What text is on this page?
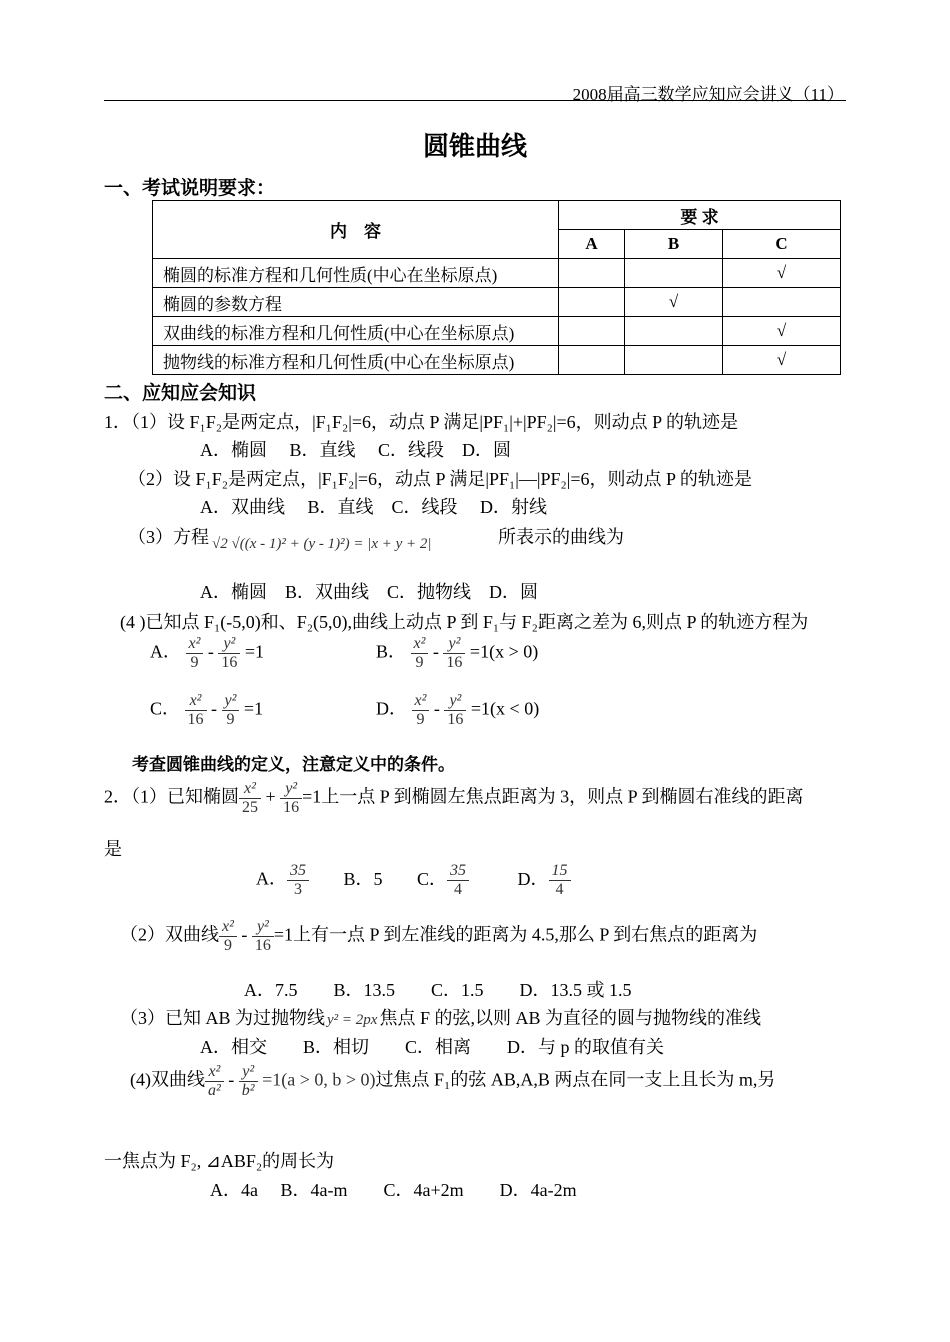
2008届高三数学应知应会讲义（11）
圆锥曲线
一、考试说明要求：
内　容	要 求		
	A	B	C
椭圆的标准方程和几何性质(中心在坐标原点)			√
椭圆的参数方程		√	
双曲线的标准方程和几何性质(中心在坐标原点)			√
抛物线的标准方程和几何性质(中心在坐标原点)			√
二、应知应会知识
1．（1）设 F₁F₂是两定点，|F₁F₂|=6，动点 P 满足|PF₁|+|PF₂|=6，则动点 P 的轨迹是
A．椭圆　 B．直线　 C．线段　D．圆
（2）设 F₁F₂是两定点，|F₁F₂|=6，动点 P 满足|PF₁|—|PF₂|=6，则动点 P 的轨迹是
A．双曲线　 B．直线　C．线段　 D．射线
（3）方程 √2 √((x - 1)² + (y - 1)²) = |x + y + 2|	所表示的曲线为
A．椭圆　B．双曲线　C．抛物线　D．圆
(4 )已知点 F₁(-5,0)和、F₂(5,0),曲线上动点 P 到 F₁与 F₂距离之差为 6,则点 P 的轨迹方程为
A． $\frac{\text{x²}}{9} - \frac{\text{y²}}{16} =1$	B． $\frac{\text{x²}}{9} - \frac{\text{y²}}{16} =1(x > 0)$
C． $\frac{\text{x²}}{16} - \frac{\text{y²}}{9} =1$	D． $\frac{\text{x²}}{9} - \frac{\text{y²}}{16} =1(x < 0)$
考查圆锥曲线的定义，注意定义中的条件。
2．（1）已知椭圆 $\frac{\text{x²}}{25} + \frac{\text{y²}}{16} =1$上一点 P 到椭圆左焦点距离为 3，则点 P 到椭圆右准线的距离
是
A． $\frac{35}{3}$ B．5 C． $\frac{35}{4}$	D． $\frac{15}{4}$
（2）双曲线 $\frac{\text{x²}}{9} - \frac{\text{y²}}{16} =1$上有一点 P 到左准线的距离为 4.5,那么 P 到右焦点的距离为
A．7.5　　B．13.5　　C．1.5　　D．13.5 或 1.5
（3）已知 AB 为过抛物线 y² = 2px 焦点 F 的弦,以则 AB 为直径的圆与抛物线的准线
A．相交　　B．相切　　C．相离　　D．与 p 的取值有关
(4)双曲线 $\frac{\text{x²}}{\text{a²}} - \frac{\text{y²}}{\text{b²}} =1(a > 0$, b > 0)过焦点 F₁的弦 AB,A,B 两点在同一支上且长为 m,另
一焦点为 F₂, ⊿ABF₂的周长为
A．4a　 B．4a-m　　C．4a+2m　　D．4a-2m
